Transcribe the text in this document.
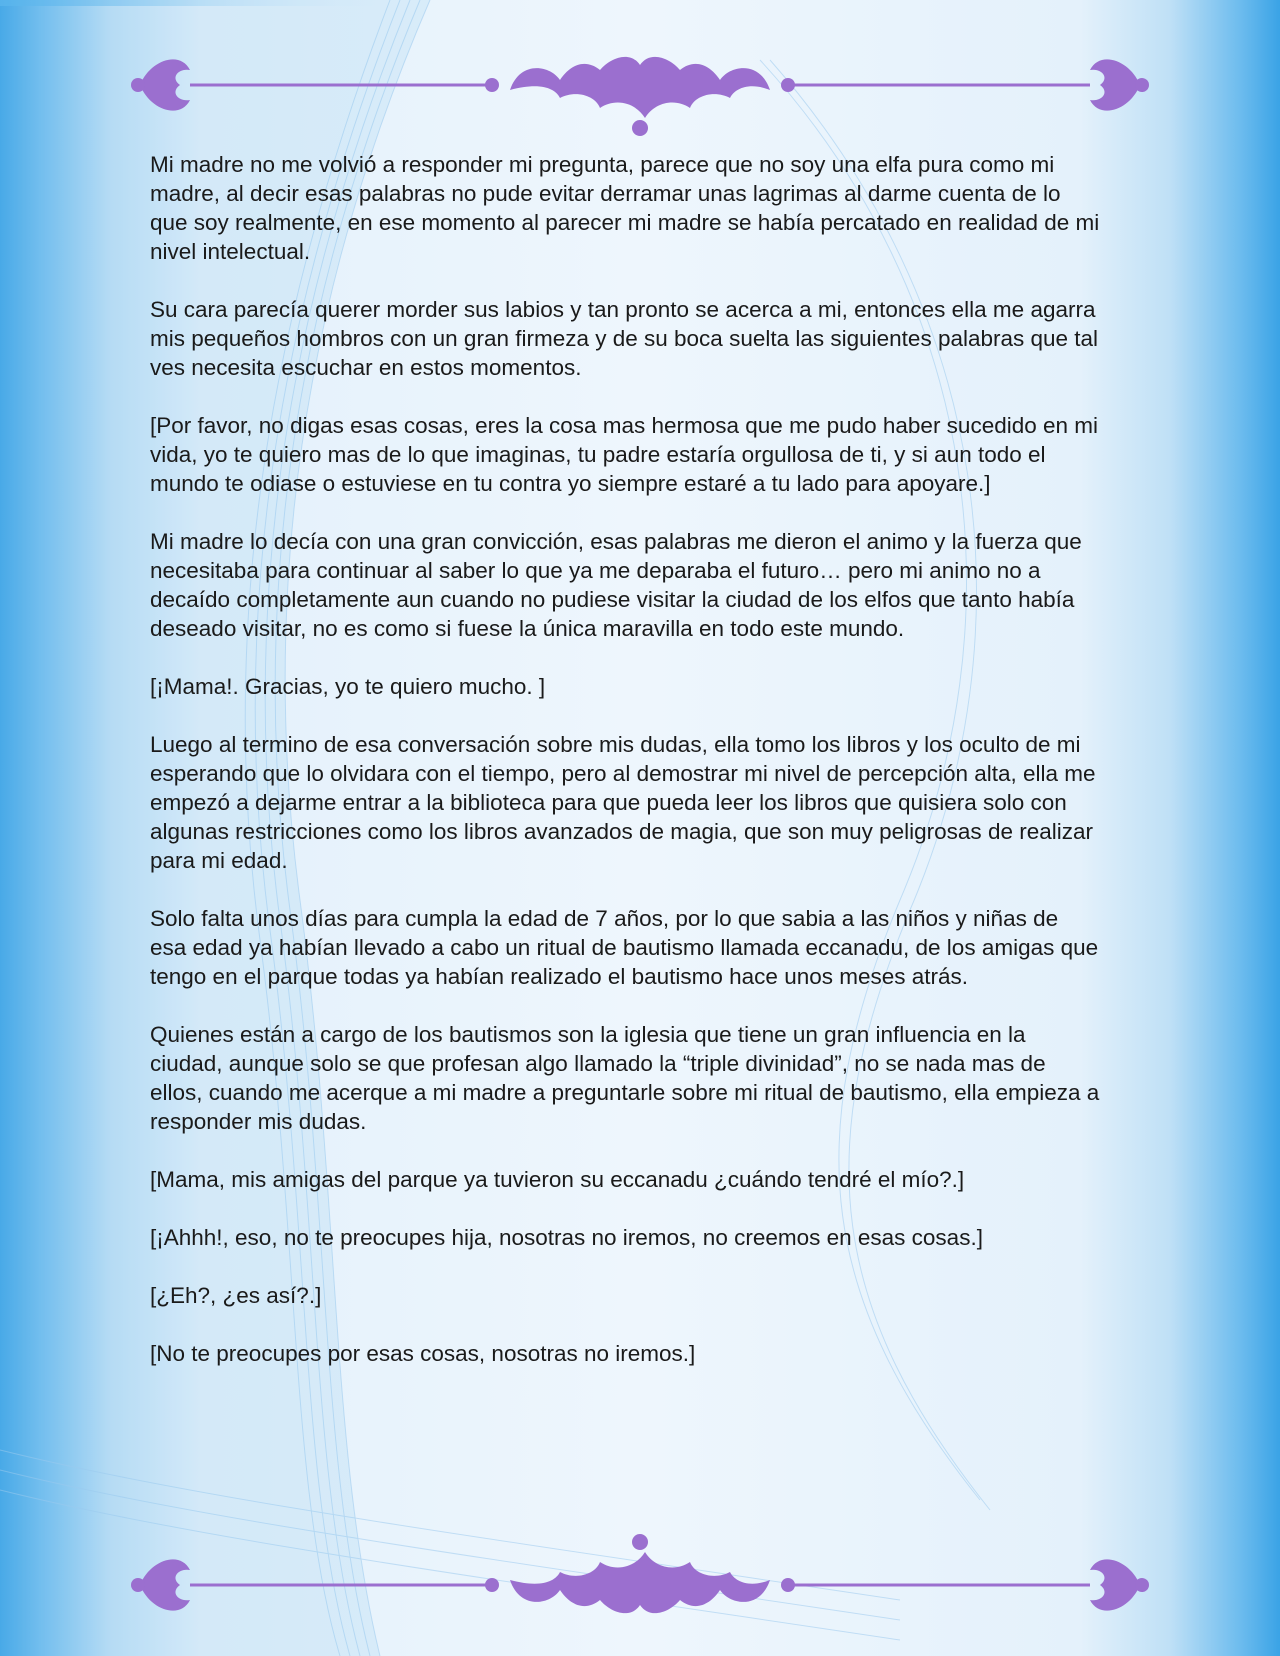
Mi madre no me volvió a responder mi pregunta, parece que no soy una elfa pura como mi madre, al decir esas palabras no pude evitar derramar unas lagrimas al darme cuenta de lo que soy realmente, en ese momento al parecer mi madre se había percatado en realidad de mi nivel intelectual.

Su cara parecía querer morder sus labios y tan pronto se acerca a mi, entonces ella me agarra mis pequeños hombros con un gran firmeza y de su boca suelta las siguientes palabras que tal ves necesita escuchar en estos momentos.

[Por favor, no digas esas cosas, eres la cosa mas hermosa que me pudo haber sucedido en mi vida, yo te quiero mas de lo que imaginas, tu padre estaría orgullosa de ti, y si aun todo el mundo te odiase o estuviese en tu contra yo siempre estaré a tu lado para apoyare.]

Mi madre lo decía con una gran convicción, esas palabras me dieron el animo y la fuerza que necesitaba para continuar al saber lo que ya me deparaba el futuro… pero mi animo no a decaído completamente aun cuando no pudiese visitar la ciudad de los elfos que tanto había deseado visitar, no es como si fuese la única maravilla en todo este mundo.

[¡Mama!. Gracias, yo te quiero mucho. ]

Luego al termino de esa conversación sobre mis dudas, ella tomo los libros y los oculto de mi esperando que lo olvidara con el tiempo, pero al demostrar mi nivel de percepción alta, ella me empezó a dejarme entrar a la biblioteca para que pueda leer los libros que quisiera solo con algunas restricciones como los libros avanzados de magia, que son muy peligrosas de realizar para mi edad.

Solo falta unos días para cumpla la edad de 7 años, por lo que sabia a las niños y niñas de esa edad ya habían llevado a cabo un ritual de bautismo llamada eccanadu, de los amigas que tengo en el parque todas ya habían realizado el bautismo hace unos meses atrás.

Quienes están a cargo de los bautismos son la iglesia que tiene un gran influencia en la ciudad, aunque solo se que profesan algo llamado la “triple divinidad”, no se nada mas de ellos, cuando me acerque a mi madre a preguntarle sobre mi ritual de bautismo, ella empieza a responder mis dudas.

[Mama, mis amigas del parque ya tuvieron su eccanadu ¿cuándo tendré el mío?.]

[¡Ahhh!, eso, no te preocupes hija, nosotras no iremos, no creemos en esas cosas.]

[¿Eh?, ¿es así?.]

[No te preocupes por esas cosas, nosotras no iremos.]
